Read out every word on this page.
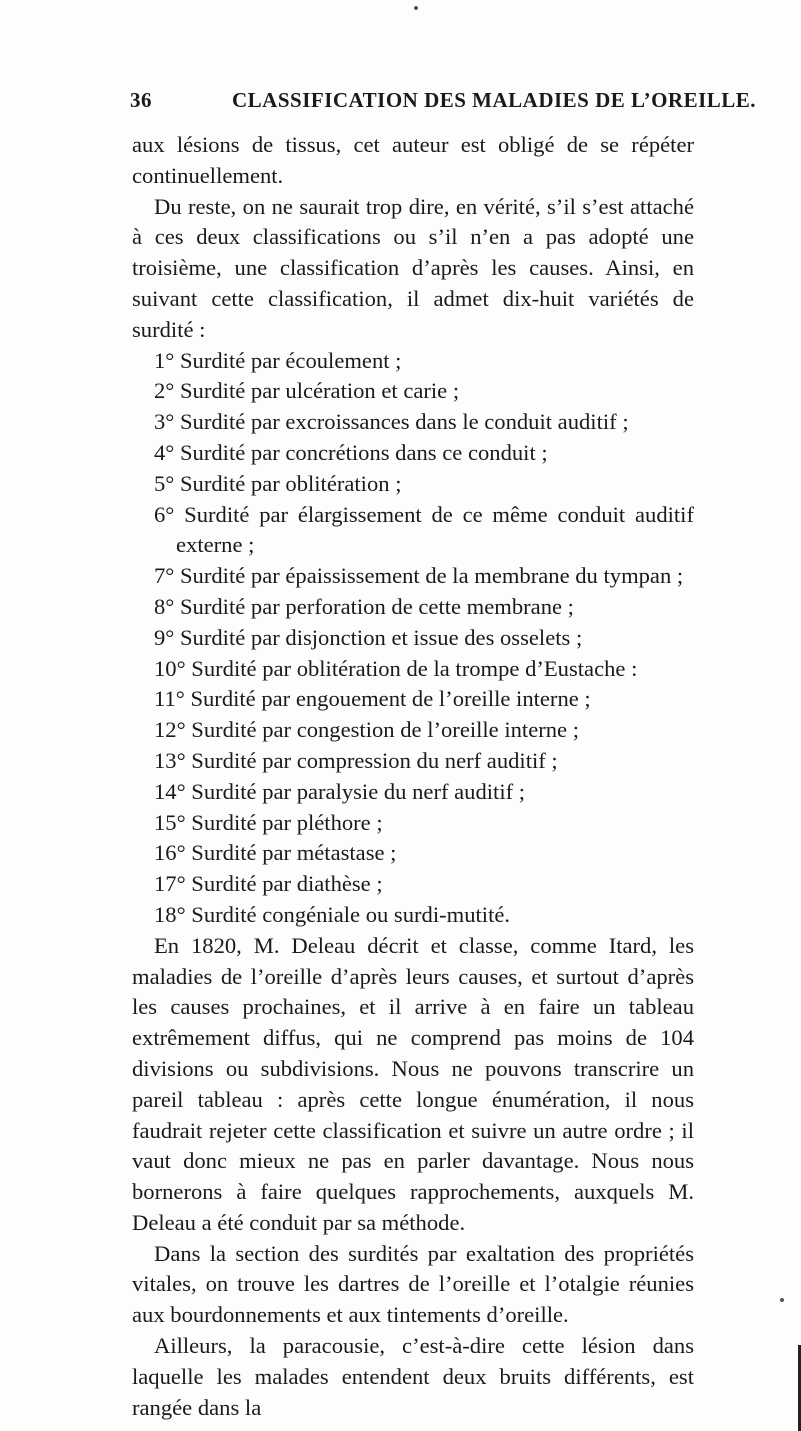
36	CLASSIFICATION DES MALADIES DE L’OREILLE.

aux lésions de tissus, cet auteur est obligé de se répéter continuellement.

Du reste, on ne saurait trop dire, en vérité, s’il s’est attaché à ces deux classifications ou s’il n’en a pas adopté une troisième, une classification d’après les causes. Ainsi, en suivant cette classification, il admet dix-huit variétés de surdité :

1° Surdité par écoulement ;
2° Surdité par ulcération et carie ;
3° Surdité par excroissances dans le conduit auditif ;
4° Surdité par concrétions dans ce conduit ;
5° Surdité par oblitération ;
6° Surdité par élargissement de ce même conduit auditif externe ;
7° Surdité par épaississement de la membrane du tympan ;
8° Surdité par perforation de cette membrane ;
9° Surdité par disjonction et issue des osselets ;
10° Surdité par oblitération de la trompe d’Eustache :
11° Surdité par engouement de l’oreille interne ;
12° Surdité par congestion de l’oreille interne ;
13° Surdité par compression du nerf auditif ;
14° Surdité par paralysie du nerf auditif ;
15° Surdité par pléthore ;
16° Surdité par métastase ;
17° Surdité par diathèse ;
18° Surdité congéniale ou surdi-mutité.

En 1820, M. Deleau décrit et classe, comme Itard, les maladies de l’oreille d’après leurs causes, et surtout d’après les causes prochaines, et il arrive à en faire un tableau extrêmement diffus, qui ne comprend pas moins de 104 divisions ou subdivisions. Nous ne pouvons transcrire un pareil tableau : après cette longue énumération, il nous faudrait rejeter cette classification et suivre un autre ordre ; il vaut donc mieux ne pas en parler davantage. Nous nous bornerons à faire quelques rapprochements, auxquels M. Deleau a été conduit par sa méthode.

Dans la section des surdités par exaltation des propriétés vitales, on trouve les dartres de l’oreille et l’otalgie réunies aux bourdonnements et aux tintements d’oreille.

Ailleurs, la paracousie, c’est-à-dire cette lésion dans laquelle les malades entendent deux bruits différents, est rangée dans la
